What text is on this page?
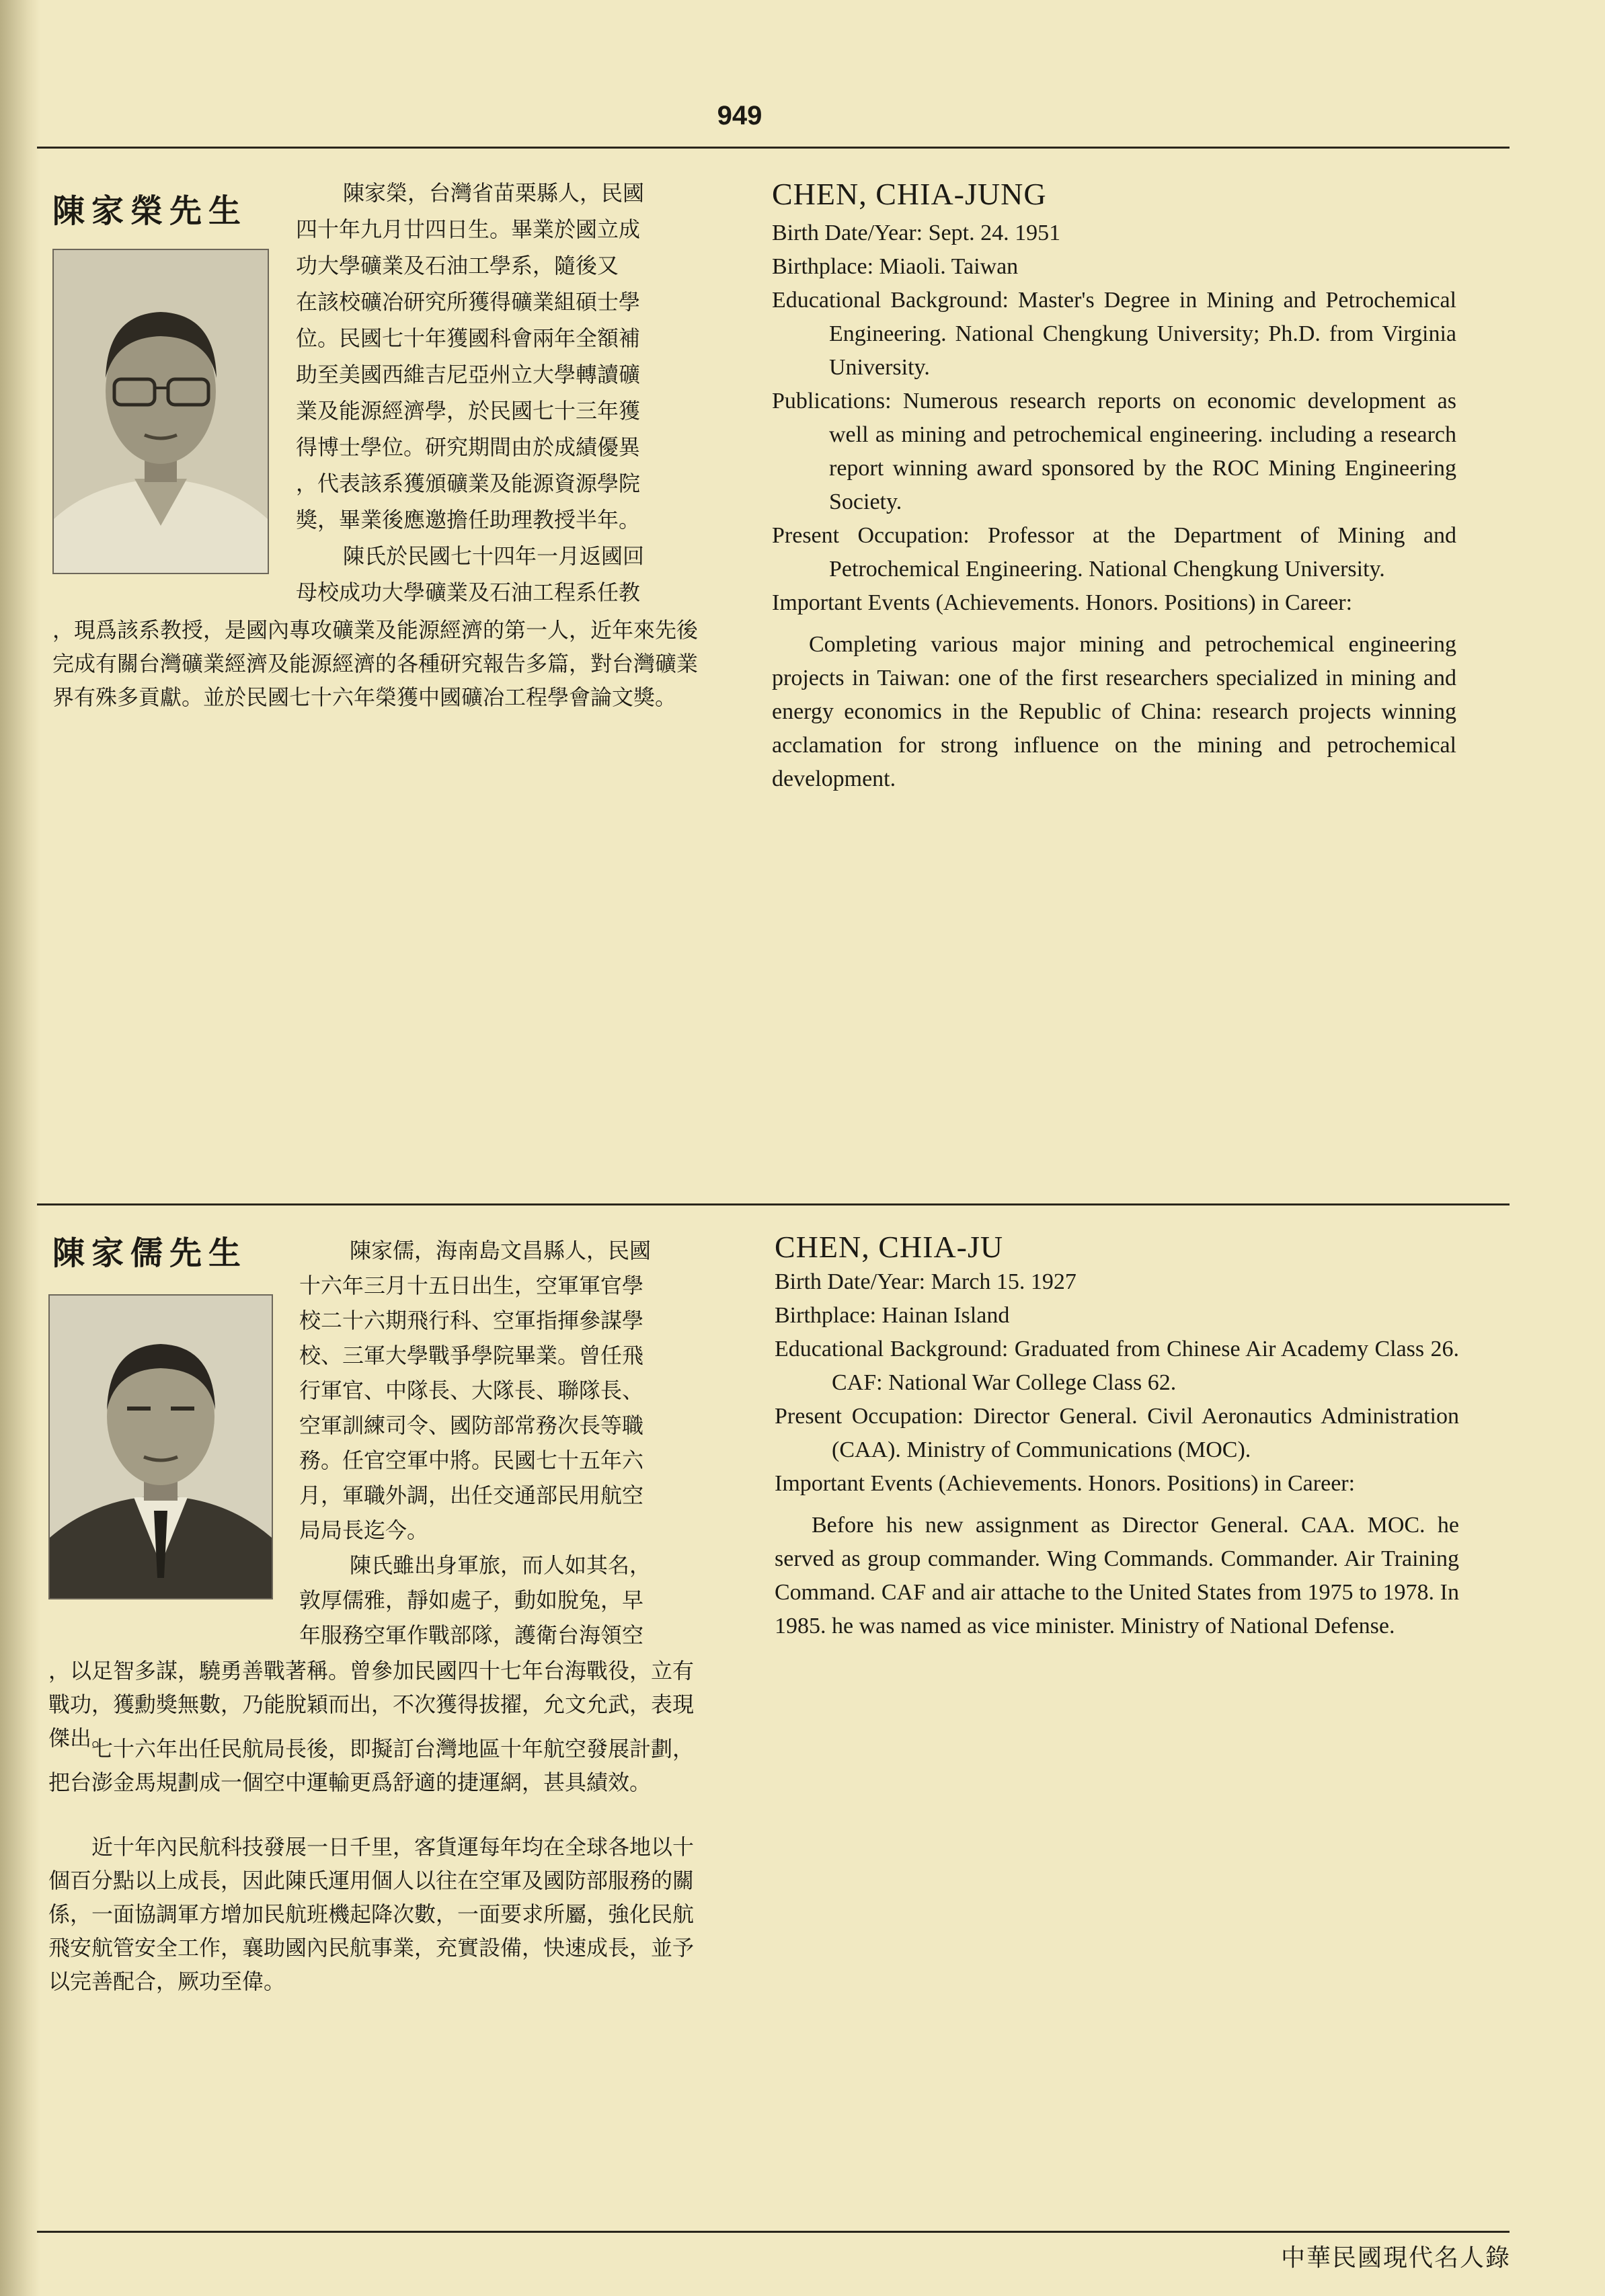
949
陳家榮先生	陳家榮，台灣省苗栗縣人，民國
四十年九月廿四日生。畢業於國立成
功大學礦業及石油工學系，隨後又
在該校礦冶研究所獲得礦業組碩士學
位。民國七十年獲國科會兩年全額補
助至美國西維吉尼亞州立大學轉讀礦
業及能源經濟學，於民國七十三年獲
得博士學位。研究期間由於成績優異
，代表該系獲頒礦業及能源資源學院
獎，畢業後應邀擔任助理教授半年。
陳氏於民國七十四年一月返國回
母校成功大學礦業及石油工程系任教

，現爲該系教授，是國內專攻礦業及能源經濟的第一人，近年來先後完成有關台灣礦業經濟及能源經濟的各種研究報告多篇，對台灣礦業界有殊多貢獻。並於民國七十六年榮獲中國礦冶工程學會論文獎。

CHEN, CHIA-JUNG

Birth Date/Year: Sept. 24. 1951

Birthplace: Miaoli. Taiwan

Educational Background: Master's Degree in Mining and Petrochemical Engineering. National Chengkung University; Ph.D. from Virginia University.

Publications: Numerous research reports on economic development as well as mining and petrochemical engineering. including a research report winning award sponsored by the ROC Mining Engineering Society.

Present Occupation: Professor at the Department of Mining and Petrochemical Engineering. National Chengkung University.

Important Events (Achievements. Honors. Positions) in Career:

Completing various major mining and petrochemical engineering projects in Taiwan: one of the first researchers specialized in mining and energy economics in the Republic of China: research projects winning acclamation for strong influence on the mining and petrochemical development.

陳家儒先生	陳家儒，海南島文昌縣人，民國
十六年三月十五日出生，空軍軍官學
校二十六期飛行科、空軍指揮參謀學
校、三軍大學戰爭學院畢業。曾任飛
行軍官、中隊長、大隊長、聯隊長、
空軍訓練司令、國防部常務次長等職
務。任官空軍中將。民國七十五年六
月，軍職外調，出任交通部民用航空
局局長迄今。
陳氏雖出身軍旅，而人如其名，
敦厚儒雅，靜如處子，動如脫兔，早
年服務空軍作戰部隊，護衛台海領空

，以足智多謀，驍勇善戰著稱。曾參加民國四十七年台海戰役，立有戰功，獲勳獎無數，乃能脫穎而出，不次獲得拔擢，允文允武，表現傑出。

七十六年出任民航局長後，即擬訂台灣地區十年航空發展計劃，把台澎金馬規劃成一個空中運輸更爲舒適的捷運網，甚具績效。

近十年內民航科技發展一日千里，客貨運每年均在全球各地以十個百分點以上成長，因此陳氏運用個人以往在空軍及國防部服務的關係，一面協調軍方增加民航班機起降次數，一面要求所屬，強化民航飛安航管安全工作，襄助國內民航事業，充實設備，快速成長，並予以完善配合，厥功至偉。

CHEN, CHIA-JU

Birth Date/Year: March 15. 1927

Birthplace: Hainan Island

Educational Background: Graduated from Chinese Air Academy Class 26. CAF: National War College Class 62.

Present Occupation: Director General. Civil Aeronautics Administration (CAA). Ministry of Communications (MOC).

Important Events (Achievements. Honors. Positions) in Career:

Before his new assignment as Director General. CAA. MOC. he served as group commander. Wing Commands. Commander. Air Training Command. CAF and air attache to the United States from 1975 to 1978. In 1985. he was named as vice minister. Ministry of National Defense.

中華民國現代名人錄
